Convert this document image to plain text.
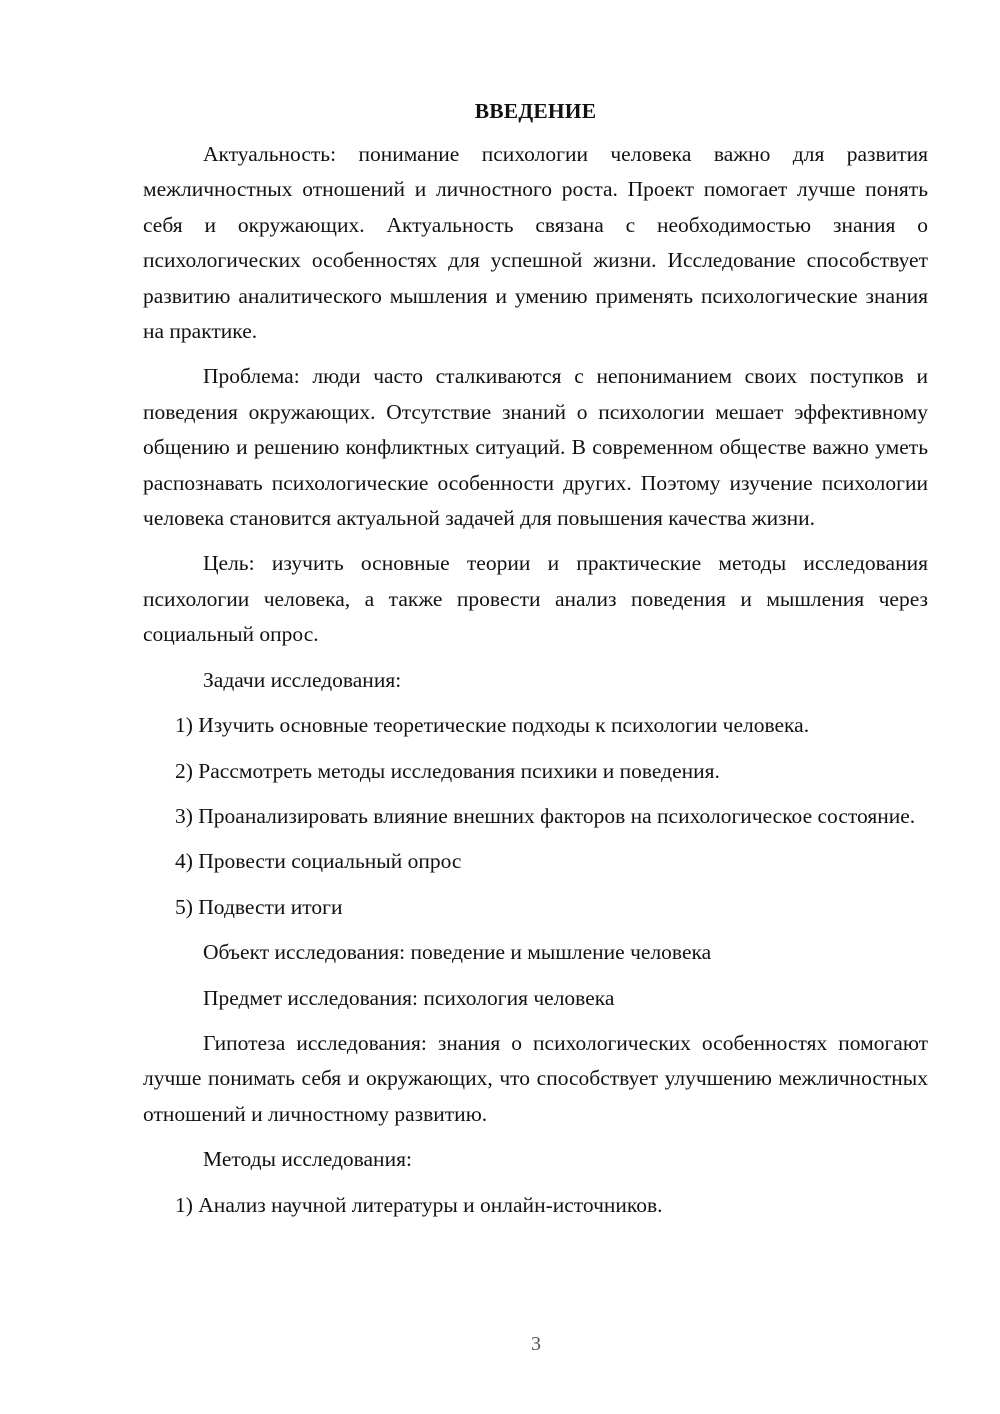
ВВЕДЕНИЕ

Актуальность: понимание психологии человека важно для развития межличностных отношений и личностного роста. Проект помогает лучше понять себя и окружающих. Актуальность связана с необходимостью знания о психологических особенностях для успешной жизни. Исследование способствует развитию аналитического мышления и умению применять психологические знания на практике.

Проблема: люди часто сталкиваются с непониманием своих поступков и поведения окружающих. Отсутствие знаний о психологии мешает эффективному общению и решению конфликтных ситуаций. В современном обществе важно уметь распознавать психологические особенности других. Поэтому изучение психологии человека становится актуальной задачей для повышения качества жизни.

Цель: изучить основные теории и практические методы исследования психологии человека, а также провести анализ поведения и мышления через социальный опрос.

Задачи исследования:

1) Изучить основные теоретические подходы к психологии человека.

2) Рассмотреть методы исследования психики и поведения.

3) Проанализировать влияние внешних факторов на психологическое состояние.

4) Провести социальный опрос

5) Подвести итоги

Объект исследования: поведение и мышление человека

Предмет исследования: психология человека

Гипотеза исследования: знания о психологических особенностях помогают лучше понимать себя и окружающих, что способствует улучшению межличностных отношений и личностному развитию.

Методы исследования:

1) Анализ научной литературы и онлайн-источников.

3
